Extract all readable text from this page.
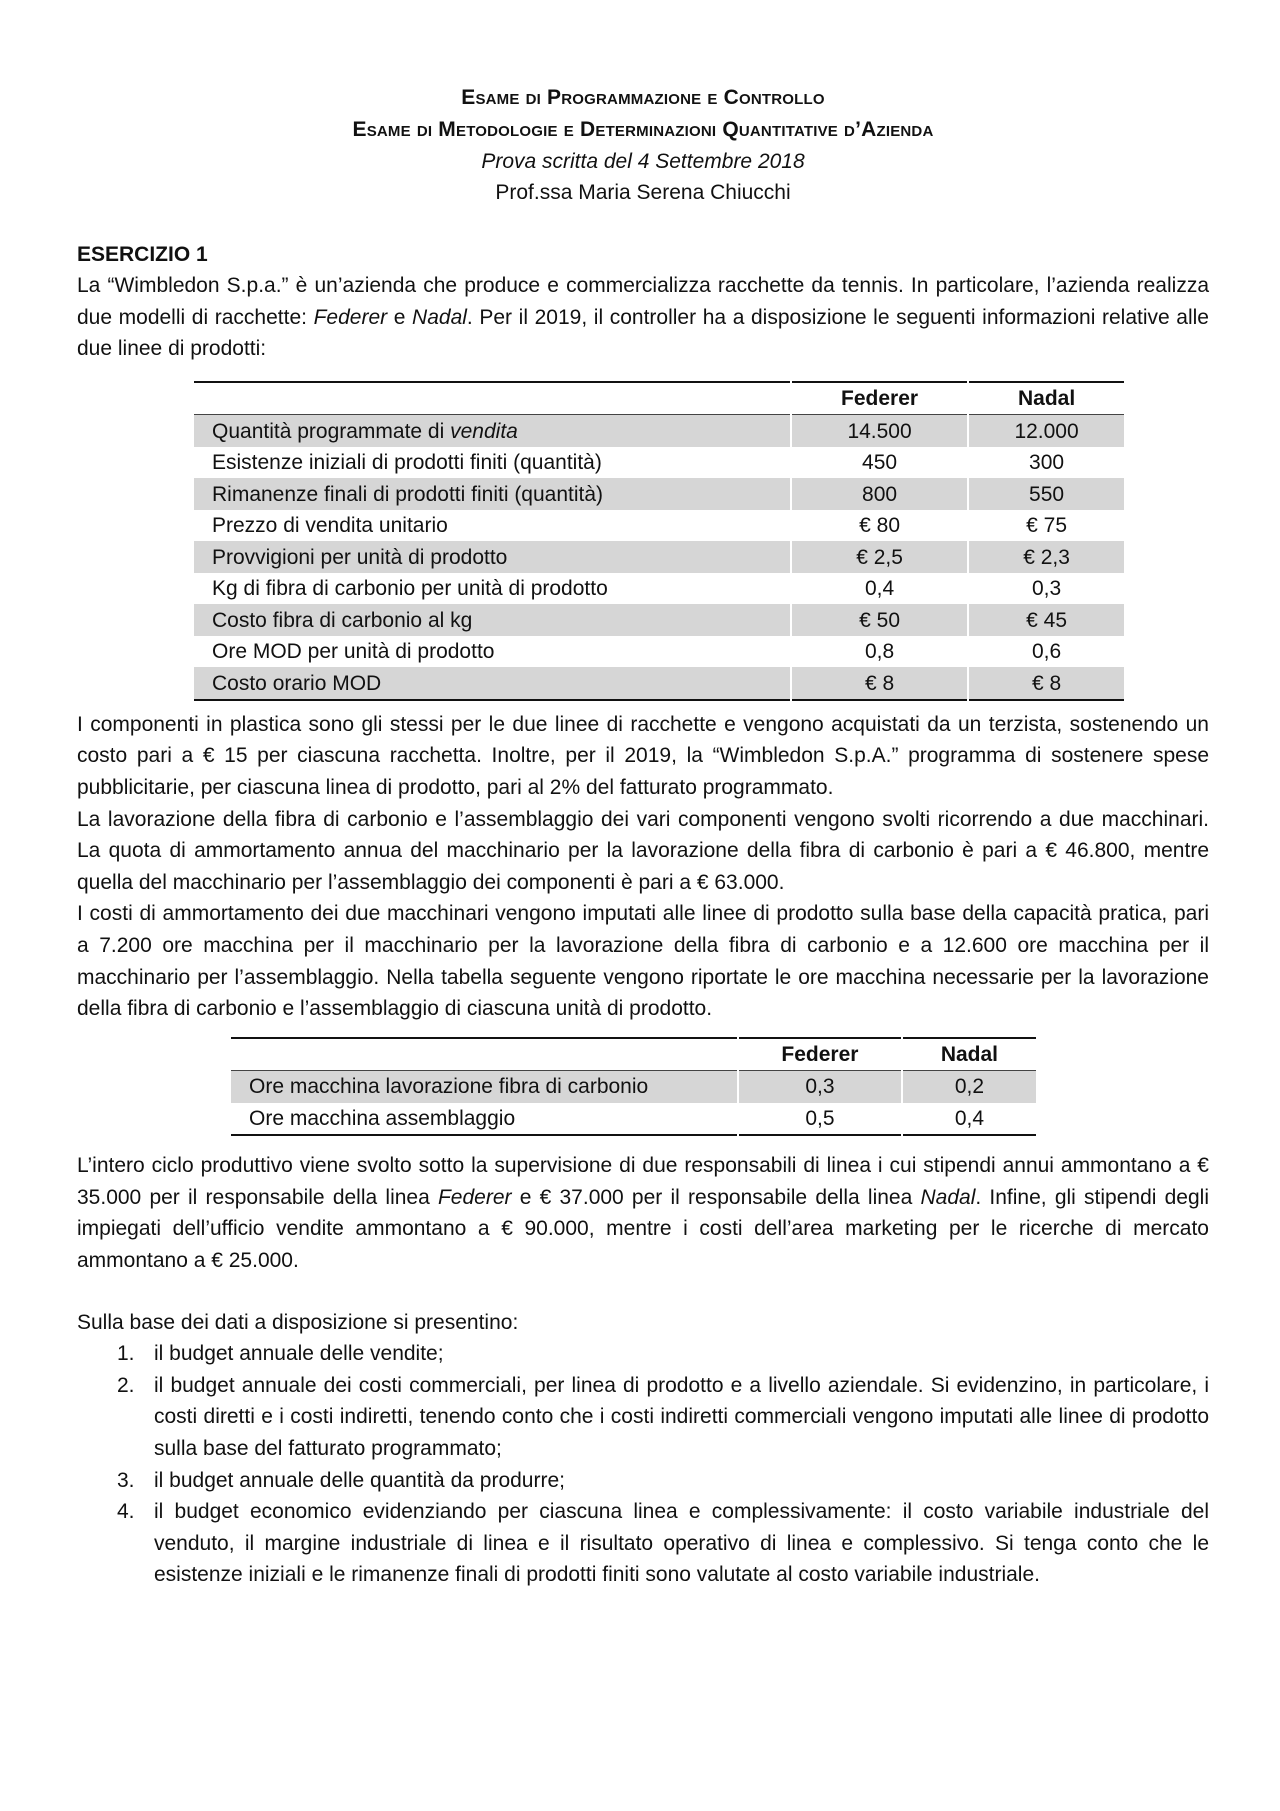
Esame di Programmazione e Controllo
Esame di Metodologie e Determinazioni Quantitative d’Azienda
Prova scritta del 4 Settembre 2018
Prof.ssa Maria Serena Chiucchi
ESERCIZIO 1

La “Wimbledon S.p.a.” è un’azienda che produce e commercializza racchette da tennis. In particolare, l’azienda realizza due modelli di racchette: Federer e Nadal. Per il 2019, il controller ha a disposizione le seguenti informazioni relative alle due linee di prodotti:

	Federer	Nadal
Quantità programmate di vendita	14.500	12.000
Esistenze iniziali di prodotti finiti (quantità)	450	300
Rimanenze finali di prodotti finiti (quantità)	800	550
Prezzo di vendita unitario	€ 80	€ 75
Provvigioni per unità di prodotto	€ 2,5	€ 2,3
Kg di fibra di carbonio per unità di prodotto	0,4	0,3
Costo fibra di carbonio al kg	€ 50	€ 45
Ore MOD per unità di prodotto	0,8	0,6
Costo orario MOD	€ 8	€ 8

I componenti in plastica sono gli stessi per le due linee di racchette e vengono acquistati da un terzista, sostenendo un costo pari a € 15 per ciascuna racchetta. Inoltre, per il 2019, la “Wimbledon S.p.A.” programma di sostenere spese pubblicitarie, per ciascuna linea di prodotto, pari al 2% del fatturato programmato.

La lavorazione della fibra di carbonio e l’assemblaggio dei vari componenti vengono svolti ricorrendo a due macchinari. La quota di ammortamento annua del macchinario per la lavorazione della fibra di carbonio è pari a € 46.800, mentre quella del macchinario per l’assemblaggio dei componenti è pari a € 63.000.

I costi di ammortamento dei due macchinari vengono imputati alle linee di prodotto sulla base della capacità pratica, pari a 7.200 ore macchina per il macchinario per la lavorazione della fibra di carbonio e a 12.600 ore macchina per il macchinario per l’assemblaggio. Nella tabella seguente vengono riportate le ore macchina necessarie per la lavorazione della fibra di carbonio e l’assemblaggio di ciascuna unità di prodotto.

	Federer	Nadal
Ore macchina lavorazione fibra di carbonio	0,3	0,2
Ore macchina assemblaggio	0,5	0,4

L’intero ciclo produttivo viene svolto sotto la supervisione di due responsabili di linea i cui stipendi annui ammontano a € 35.000 per il responsabile della linea Federer e € 37.000 per il responsabile della linea Nadal. Infine, gli stipendi degli impiegati dell’ufficio vendite ammontano a € 90.000, mentre i costi dell’area marketing per le ricerche di mercato ammontano a € 25.000.

Sulla base dei dati a disposizione si presentino:

1. il budget annuale delle vendite;
2. il budget annuale dei costi commerciali, per linea di prodotto e a livello aziendale. Si evidenzino, in particolare, i costi diretti e i costi indiretti, tenendo conto che i costi indiretti commerciali vengono imputati alle linee di prodotto sulla base del fatturato programmato;
3. il budget annuale delle quantità da produrre;
4. il budget economico evidenziando per ciascuna linea e complessivamente: il costo variabile industriale del venduto, il margine industriale di linea e il risultato operativo di linea e complessivo. Si tenga conto che le esistenze iniziali e le rimanenze finali di prodotti finiti sono valutate al costo variabile industriale.
